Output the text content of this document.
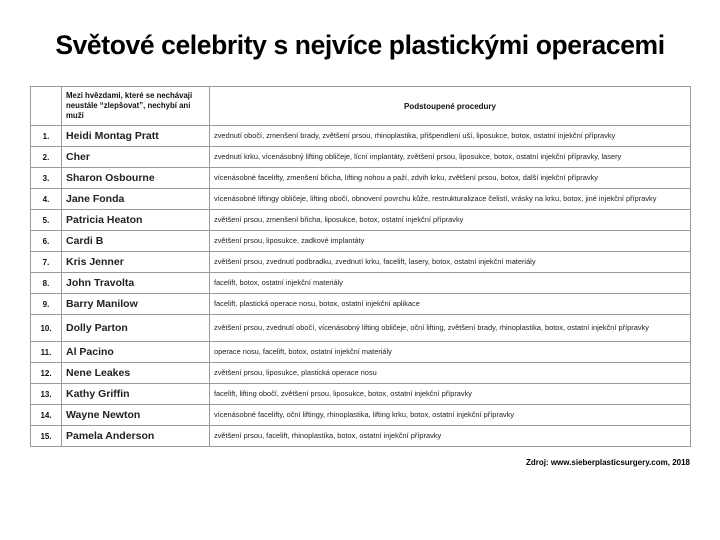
Světové celebrity s nejvíce plastickými operacemi
	Mezi hvězdami, které se nechávají neustále “zlepšovat”, nechybí ani muži	Podstoupené procedury
1.	Heidi Montag Pratt	zvednutí obočí, zmenšení brady, zvětšení prsou, rhinoplastika, přišpendlení uší, liposukce, botox, ostatní injekční přípravky
2.	Cher	zvednutí krku, vícenásobný lifting obličeje, lícní implantáty, zvětšení prsou, liposukce, botox, ostatní injekční přípravky, lasery
3.	Sharon Osbourne	vícenásobné facelifty, zmenšení břicha, lifting nohou a paží, zdvih krku, zvětšení prsou, botox, další injekční přípravky
4.	Jane Fonda	vícenásobné liftingy obličeje, lifting obočí, obnovení povrchu kůže, restrukturalizace čelistí, vrásky na krku, botox, jiné injekční přípravky
5.	Patricia Heaton	zvětšení prsou, zmenšení břicha, liposukce, botox, ostatní injekční přípravky
6.	Cardi B	zvětšení prsou, liposukce, zadkové implantáty
7.	Kris Jenner	zvětšení prsou, zvednutí podbradku, zvednutí krku, facelift, lasery, botox, ostatní injekční materiály
8.	John Travolta	facelift, botox, ostatní injekční materiály
9.	Barry Manilow	facelift, plastická operace nosu, botox, ostatní injekční aplikace
10.	Dolly Parton	zvětšení prsou, zvednutí obočí, vícenásobný lifting obličeje, oční lifting, zvětšení brady, rhinoplastika, botox, ostatní injekční přípravky
11.	Al Pacino	operace nosu, facelift, botox, ostatní injekční materiály
12.	Nene Leakes	zvětšení prsou, liposukce, plastická operace nosu
13.	Kathy Griffin	facelift, lifting obočí, zvětšení prsou, liposukce, botox, ostatní injekční přípravky
14.	Wayne Newton	vícenásobné facelifty, oční liftingy, rhinoplastika, lifting krku, botox, ostatní injekční přípravky
15.	Pamela Anderson	zvětšení prsou, facelift, rhinoplastika, botox, ostatní injekční přípravky
Zdroj: www.sieberplasticsurgery.com, 2018
